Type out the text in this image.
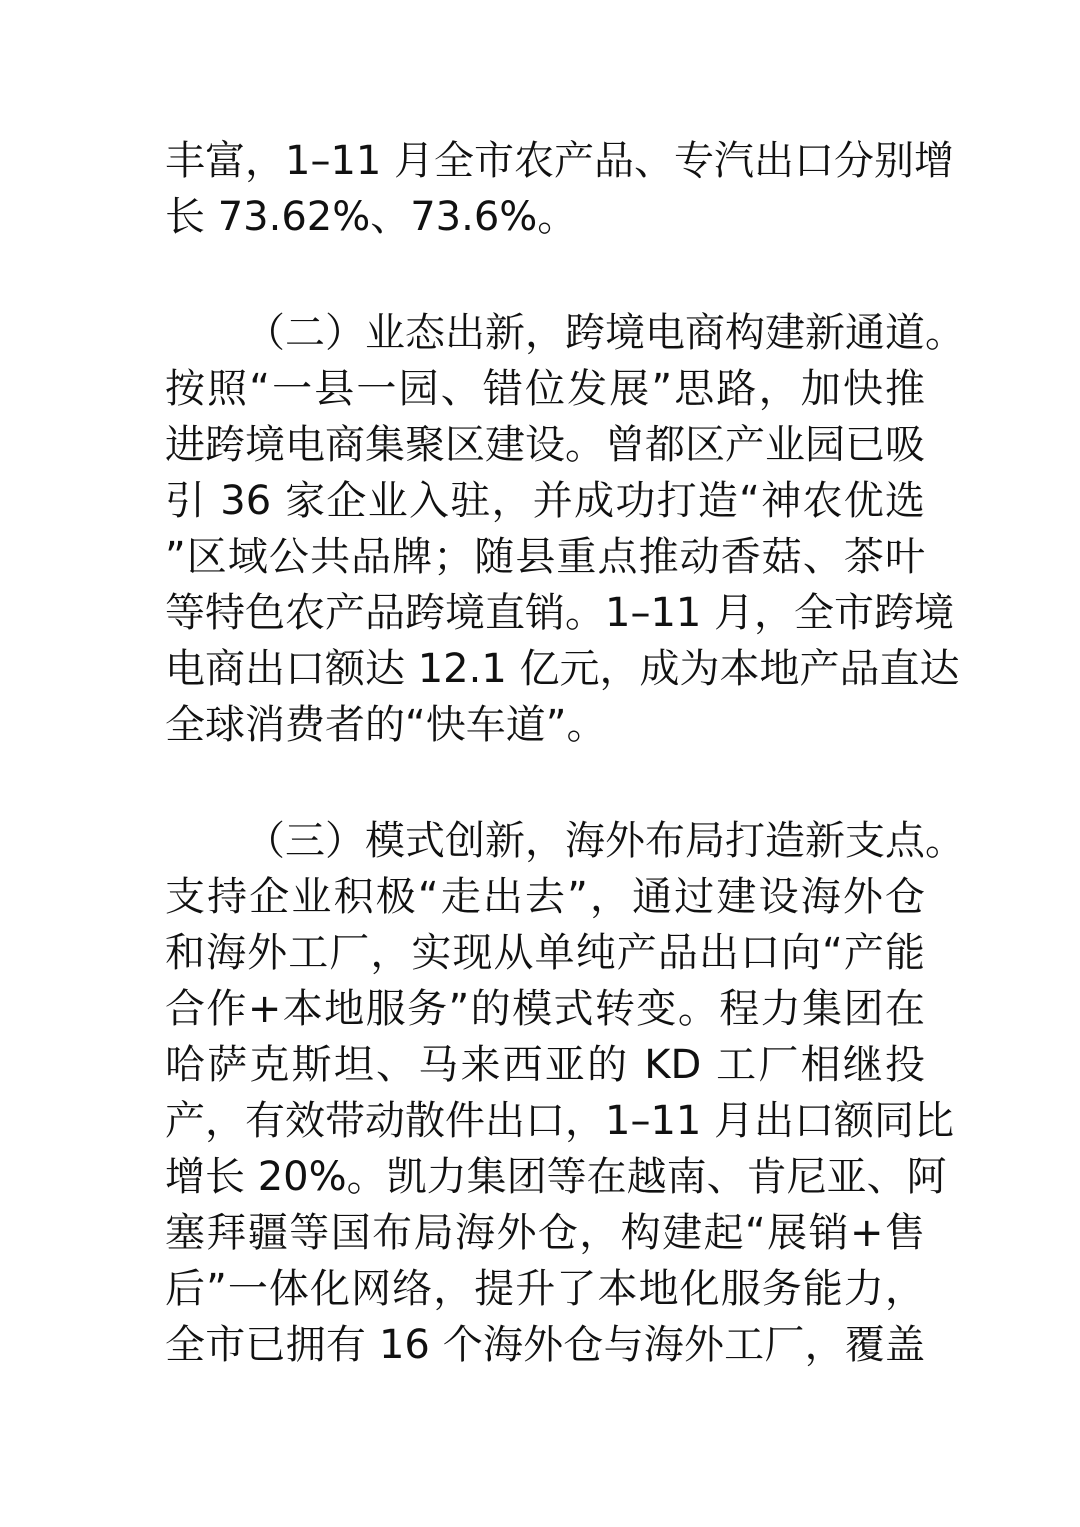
丰富，1–11 月全市农产品、专汽出口分别增
长 73.62%、73.6%。
（二）业态出新，跨境电商构建新通道。
按照“一县一园、错位发展”思路，加快推
进跨境电商集聚区建设。曾都区产业园已吸
引 36 家企业入驻，并成功打造“神农优选
”区域公共品牌；随县重点推动香菇、茶叶
等特色农产品跨境直销。1–11 月，全市跨境
电商出口额达 12.1 亿元，成为本地产品直达
全球消费者的“快车道”。
（三）模式创新，海外布局打造新支点。
支持企业积极“走出去”，通过建设海外仓
和海外工厂，实现从单纯产品出口向“产能
合作+本地服务”的模式转变。程力集团在
哈萨克斯坦、马来西亚的 KD 工厂相继投
产，有效带动散件出口，1–11 月出口额同比
增长 20%。凯力集团等在越南、肯尼亚、阿
塞拜疆等国布局海外仓，构建起“展销+售
后”一体化网络，提升了本地化服务能力，
全市已拥有 16 个海外仓与海外工厂，覆盖
